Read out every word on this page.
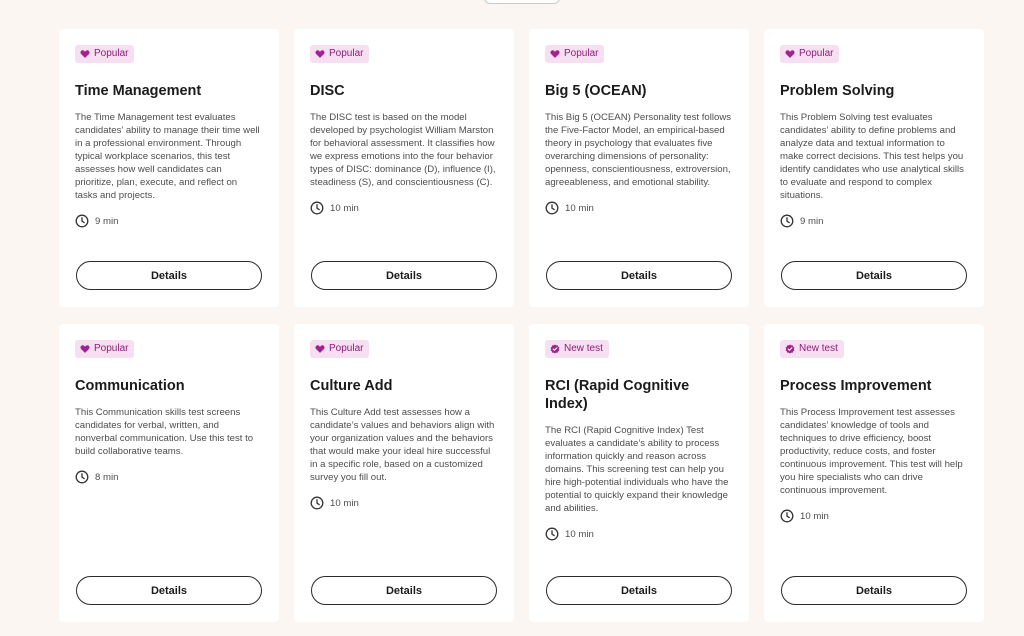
Popular
Time Management
The Time Management test evaluates candidates’ ability to manage their time well in a professional environment. Through typical workplace scenarios, this test assesses how well candidates can prioritize, plan, execute, and reflect on tasks and projects.
9 min
Details
Popular
DISC
The DISC test is based on the model developed by psychologist William Marston for behavioral assessment. It classifies how we express emotions into the four behavior types of DISC: dominance (D), influence (I), steadiness (S), and conscientiousness (C).
10 min
Details
Popular
Big 5 (OCEAN)
This Big 5 (OCEAN) Personality test follows the Five-Factor Model, an empirical-based theory in psychology that evaluates five overarching dimensions of personality: openness, conscientiousness, extroversion, agreeableness, and emotional stability.
10 min
Details
Popular
Problem Solving
This Problem Solving test evaluates candidates’ ability to define problems and analyze data and textual information to make correct decisions. This test helps you identify candidates who use analytical skills to evaluate and respond to complex situations.
9 min
Details
Popular
Communication
This Communication skills test screens candidates for verbal, written, and nonverbal communication. Use this test to build collaborative teams.
8 min
Details
Popular
Culture Add
This Culture Add test assesses how a candidate’s values and behaviors align with your organization values and the behaviors that would make your ideal hire successful in a specific role, based on a customized survey you fill out.
10 min
Details
New test
RCI (Rapid Cognitive Index)
The RCI (Rapid Cognitive Index) Test evaluates a candidate’s ability to process information quickly and reason across domains. This screening test can help you hire high-potential individuals who have the potential to quickly expand their knowledge and abilities.
10 min
Details
New test
Process Improvement
This Process Improvement test assesses candidates’ knowledge of tools and techniques to drive efficiency, boost productivity, reduce costs, and foster continuous improvement. This test will help you hire specialists who can drive continuous improvement.
10 min
Details
